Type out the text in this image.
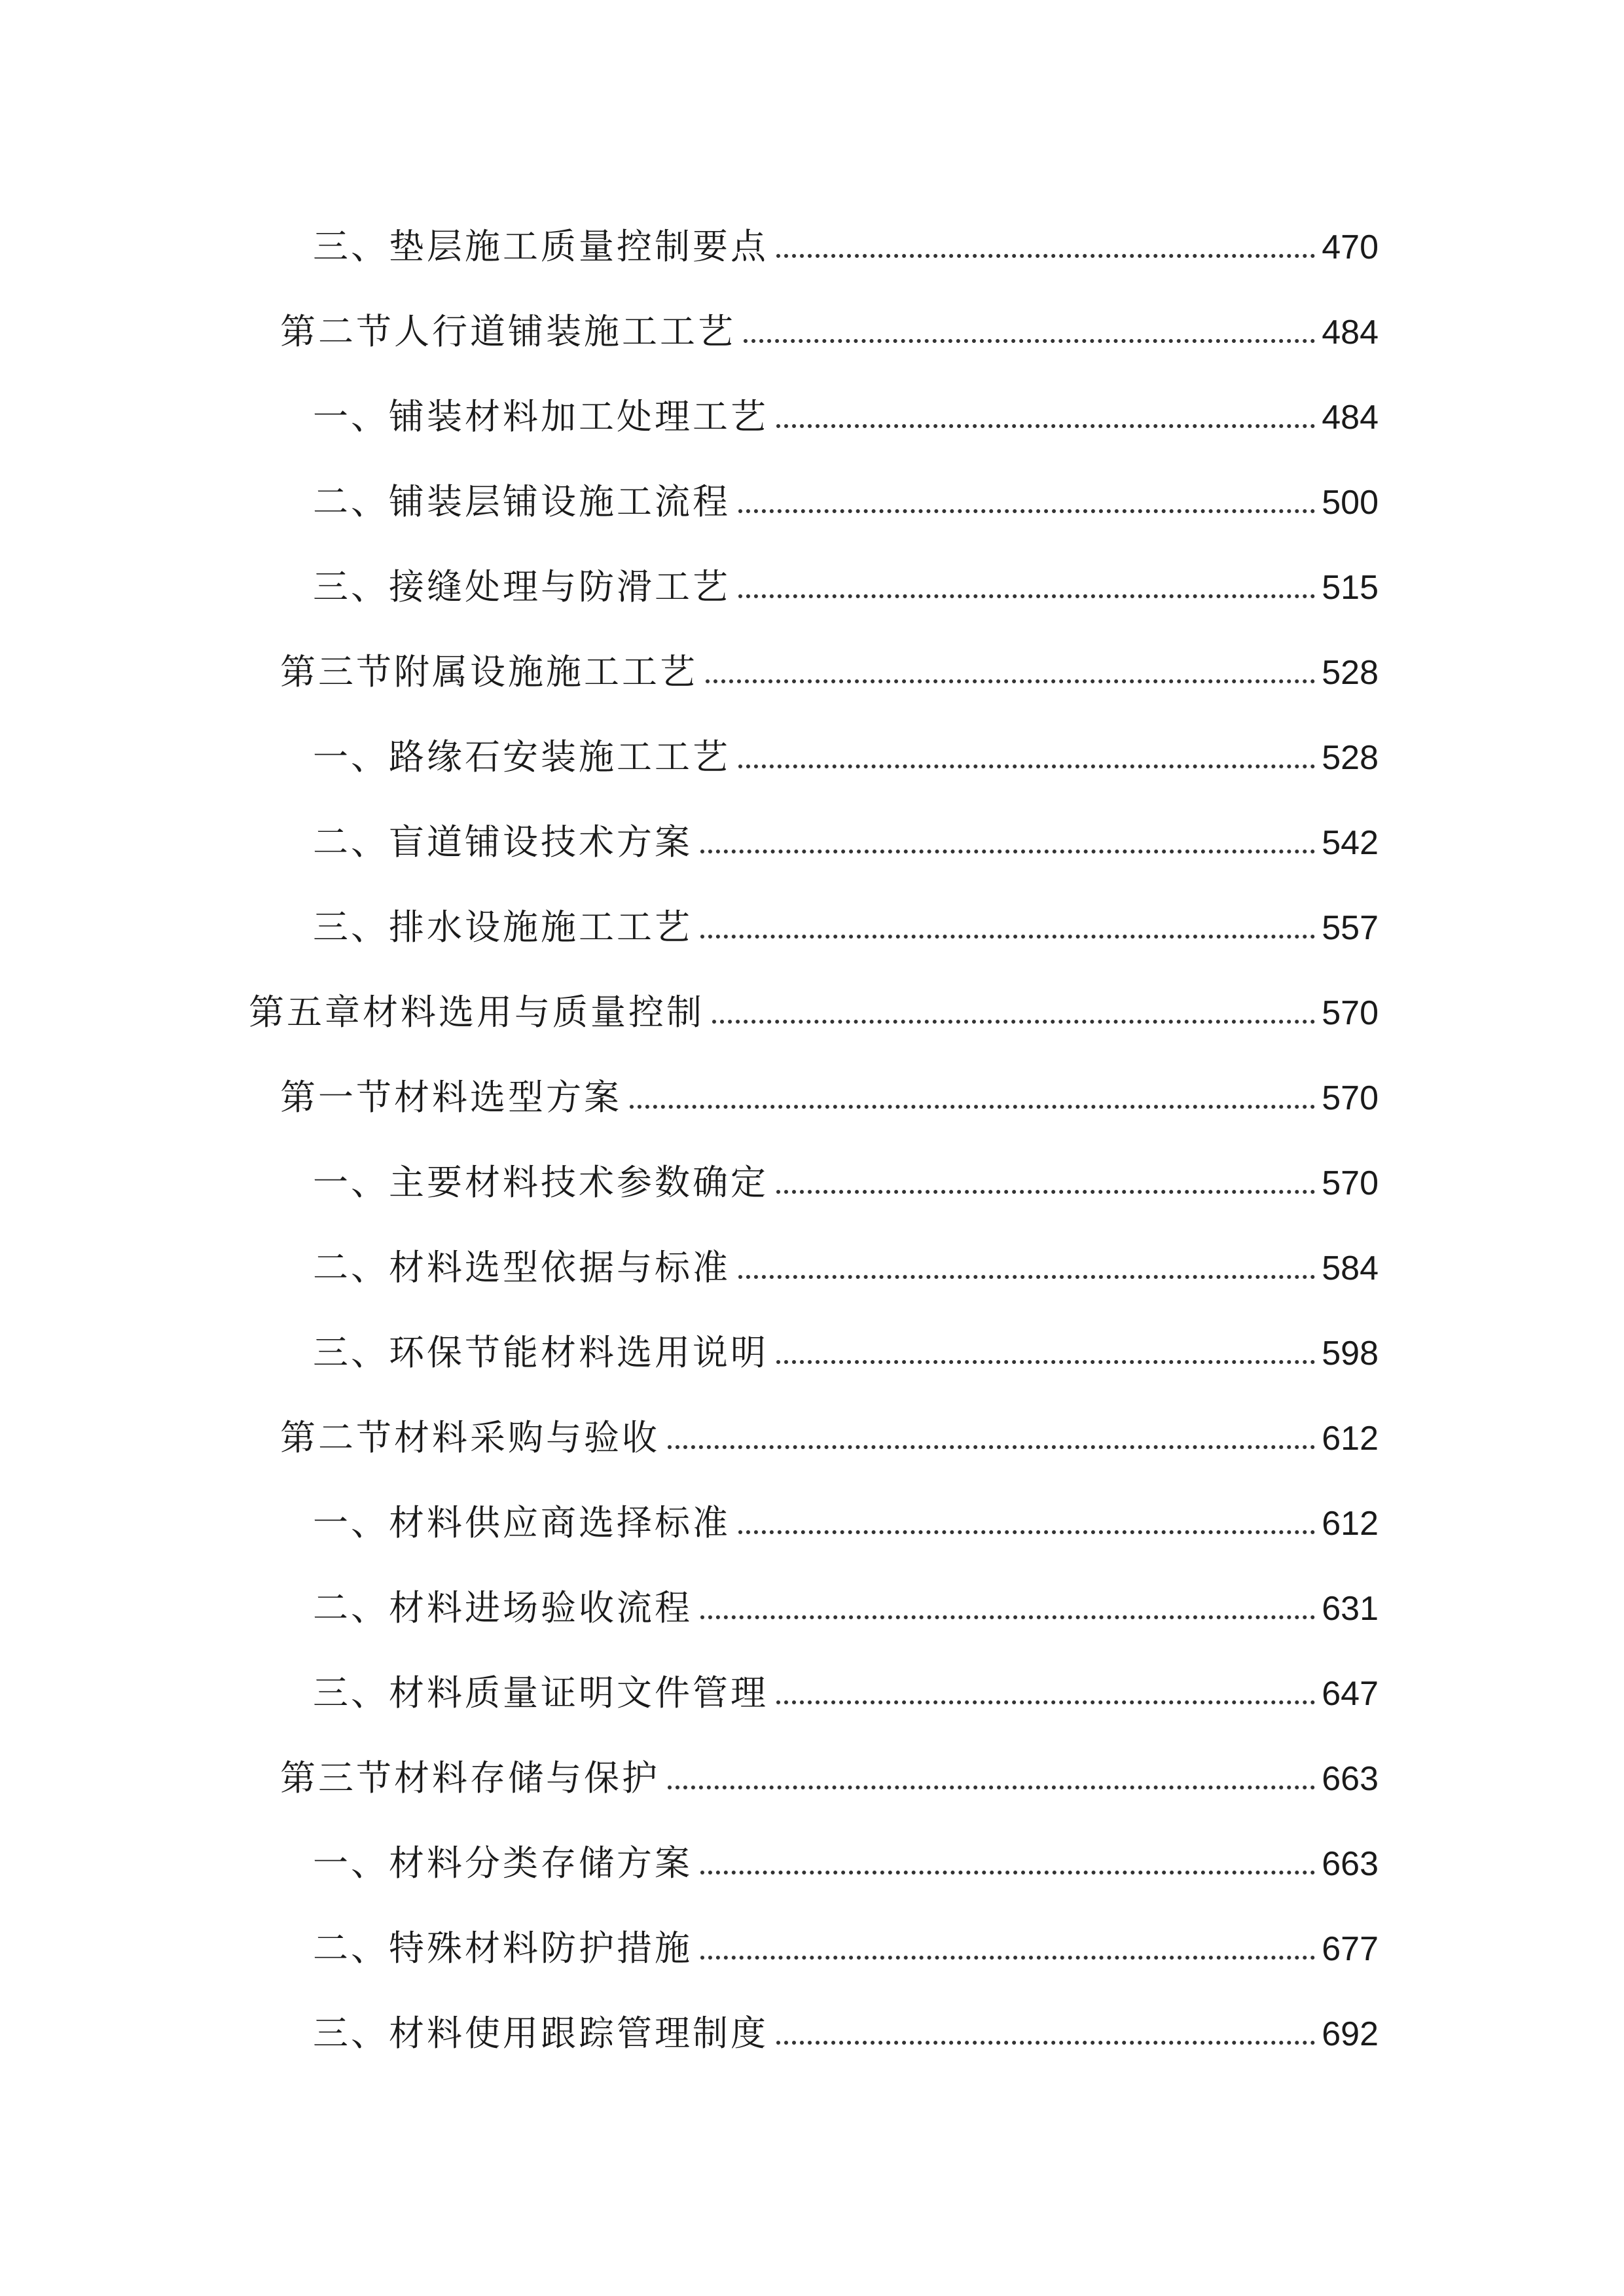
三、垫层施工质量控制要点	470
第二节人行道铺装施工工艺	484
一、铺装材料加工处理工艺	484
二、铺装层铺设施工流程	500
三、接缝处理与防滑工艺	515
第三节附属设施施工工艺	528
一、路缘石安装施工工艺	528
二、盲道铺设技术方案	542
三、排水设施施工工艺	557
第五章材料选用与质量控制	570
第一节材料选型方案	570
一、主要材料技术参数确定	570
二、材料选型依据与标准	584
三、环保节能材料选用说明	598
第二节材料采购与验收	612
一、材料供应商选择标准	612
二、材料进场验收流程	631
三、材料质量证明文件管理	647
第三节材料存储与保护	663
一、材料分类存储方案	663
二、特殊材料防护措施	677
三、材料使用跟踪管理制度	692
